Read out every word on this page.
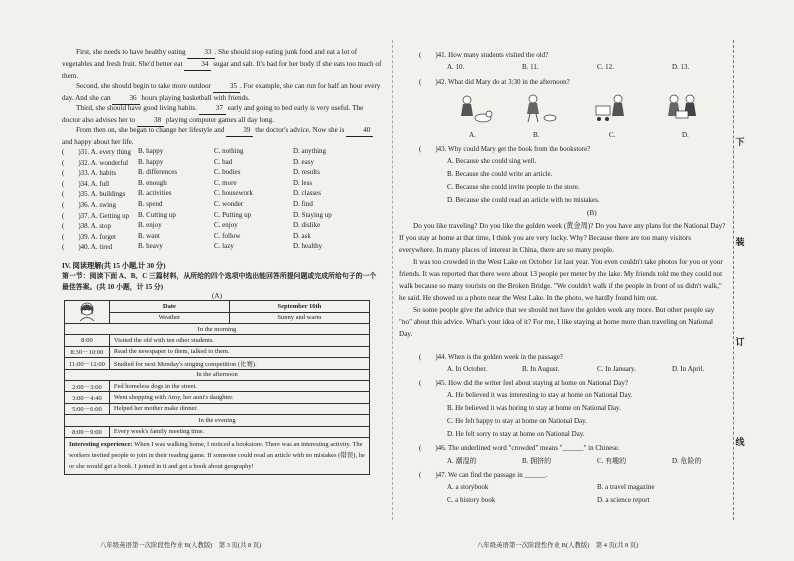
First, she needs to have healthy eating	33 . She should stop eating junk food and eat a lot of vegetables and fresh fruit. She'd better eat	34 sugar and salt. It's bad for her body if she eats too much of them.

Second, she should begin to take more outdoor	35 . For example, she can run for half an hour every day. And she can	36 hours playing basketball with friends.

Third, she should have good living habits.	37 early and going to bed early is very useful. The doctor also advises her to	38 playing computer games all day long.

From then on, she began to change her lifestyle and	39 the doctor's advice. Now she is	40 and happy about her life.

(　　)31. A. every thing B. happy	C. nothing	D. anything
(　　)32. A. wonderful B. happy	C. bad	D. easy
(　　)33. A. habits	B. differences	C. bodies	D. results
(　　)34. A. full	B. enough	C. more	D. less
(　　)35. A. buildings B. activities	C. housework	D. classes
(　　)36. A. swing	B. spend	C. wonder	D. find
(　　)37. A. Getting up B. Cutting up	C. Putting up	D. Staying up
(　　)38. A. stop	B. enjoy	C. enjoy	D. dislike
(　　)39. A. forget	B. want	C. follow	D. ask
(　　)40. A. tired	B. heavy	C. lazy	D. healthy
IV. 阅读理解(共 15 小题,计 30 分)
第一节：阅读下面 A、B、C 三篇材料，从所给的四个选项中选出能回答所提问题或完成所给句子的一个最佳答案。(共 10 小题，计 15 分)
(A)
	Date	September 16th
	Weather	Sunny and warm
In the morning		
8:00	Visited the old with ten other students.	
8:30－10:00	Read the newspaper to them, talked to them.	
11:00－12:00	Studied for next Monday's singing competition (比赛).	
In the afternoon		
2:00－3:00	Fed homeless dogs in the street.	
3:00－4:40	Went shopping with Amy, her aunt's daughter.	
5:00－6:00	Helped her mother make dinner.	
In the evening		
8:00－9:00	Every week's family meeting time.	
Interesting experience: When I was walking home, I noticed a bookstore. There was an interesting activity. The workers invited people to join in their reading game. If someone could read an article with no mistakes (错误), he or she would get a book. I joined in it and got a book about geography!		
八年级英语第一次阶段性作业 B(人教版)　第 3 页(共 8 页)
(　　)41. How many students visited the old?
A. 10.	B. 11.	C. 12.	D. 13.
(　　)42. What did Mary do at 3:30 in the afternoon?
A.	B.	C.	D.
(　　)43. Why could Mary get the book from the bookstore?
A. Because she could sing well.
B. Because she could write an article.
C. Because she could invite people to the store.
D. Because she could read an article with no mistakes.
(B)

Do you like traveling? Do you like the golden week (黄金周)? Do you have any plans for the National Day? If you stay at home at that time, I think you are very lucky. Why? Because there are too many visitors everywhere. In many places of interest in China, there are so many people.

It was too crowded in the West Lake on October 1st last year. You even couldn't take photos for you or your friends. It was reported that there were about 13 people per meter by the lake. My friends told me they could not walk because so many tourists on the Broken Bridge. "We couldn't walk if the people in front of us didn't walk," he said. He showed us a photo near the West Lake. In the photo, we hardly found him out.

So some people give the advice that we should not have the golden week any more. But other people say "no" about this advice. What's your idea of it? For me, I like staying at home more than traveling on National Day.

(　　)44. When is the golden week in the passage?
A. In October.	B. In August.	C. In January.	D. In April.
(　　)45. How did the writer feel about staying at home on National Day?
A. He believed it was interesting to stay at home on National Day.
B. He believed it was boring to stay at home on National Day.
C. He felt happy to stay at home on National Day.
D. He felt sorry to stay at home on National Day.
(　　)46. The underlined word "crowded" means "______" in Chinese.
A. 潮湿的	B. 拥挤的	C. 有趣的	D. 危险的
(　　)47. We can find the passage in ______.
A. a storybook	B. a travel magazine
C. a history book	D. a science report
八年级英语第一次阶段性作业 B(人教版)　第 4 页(共 8 页)
下
装
订
线
